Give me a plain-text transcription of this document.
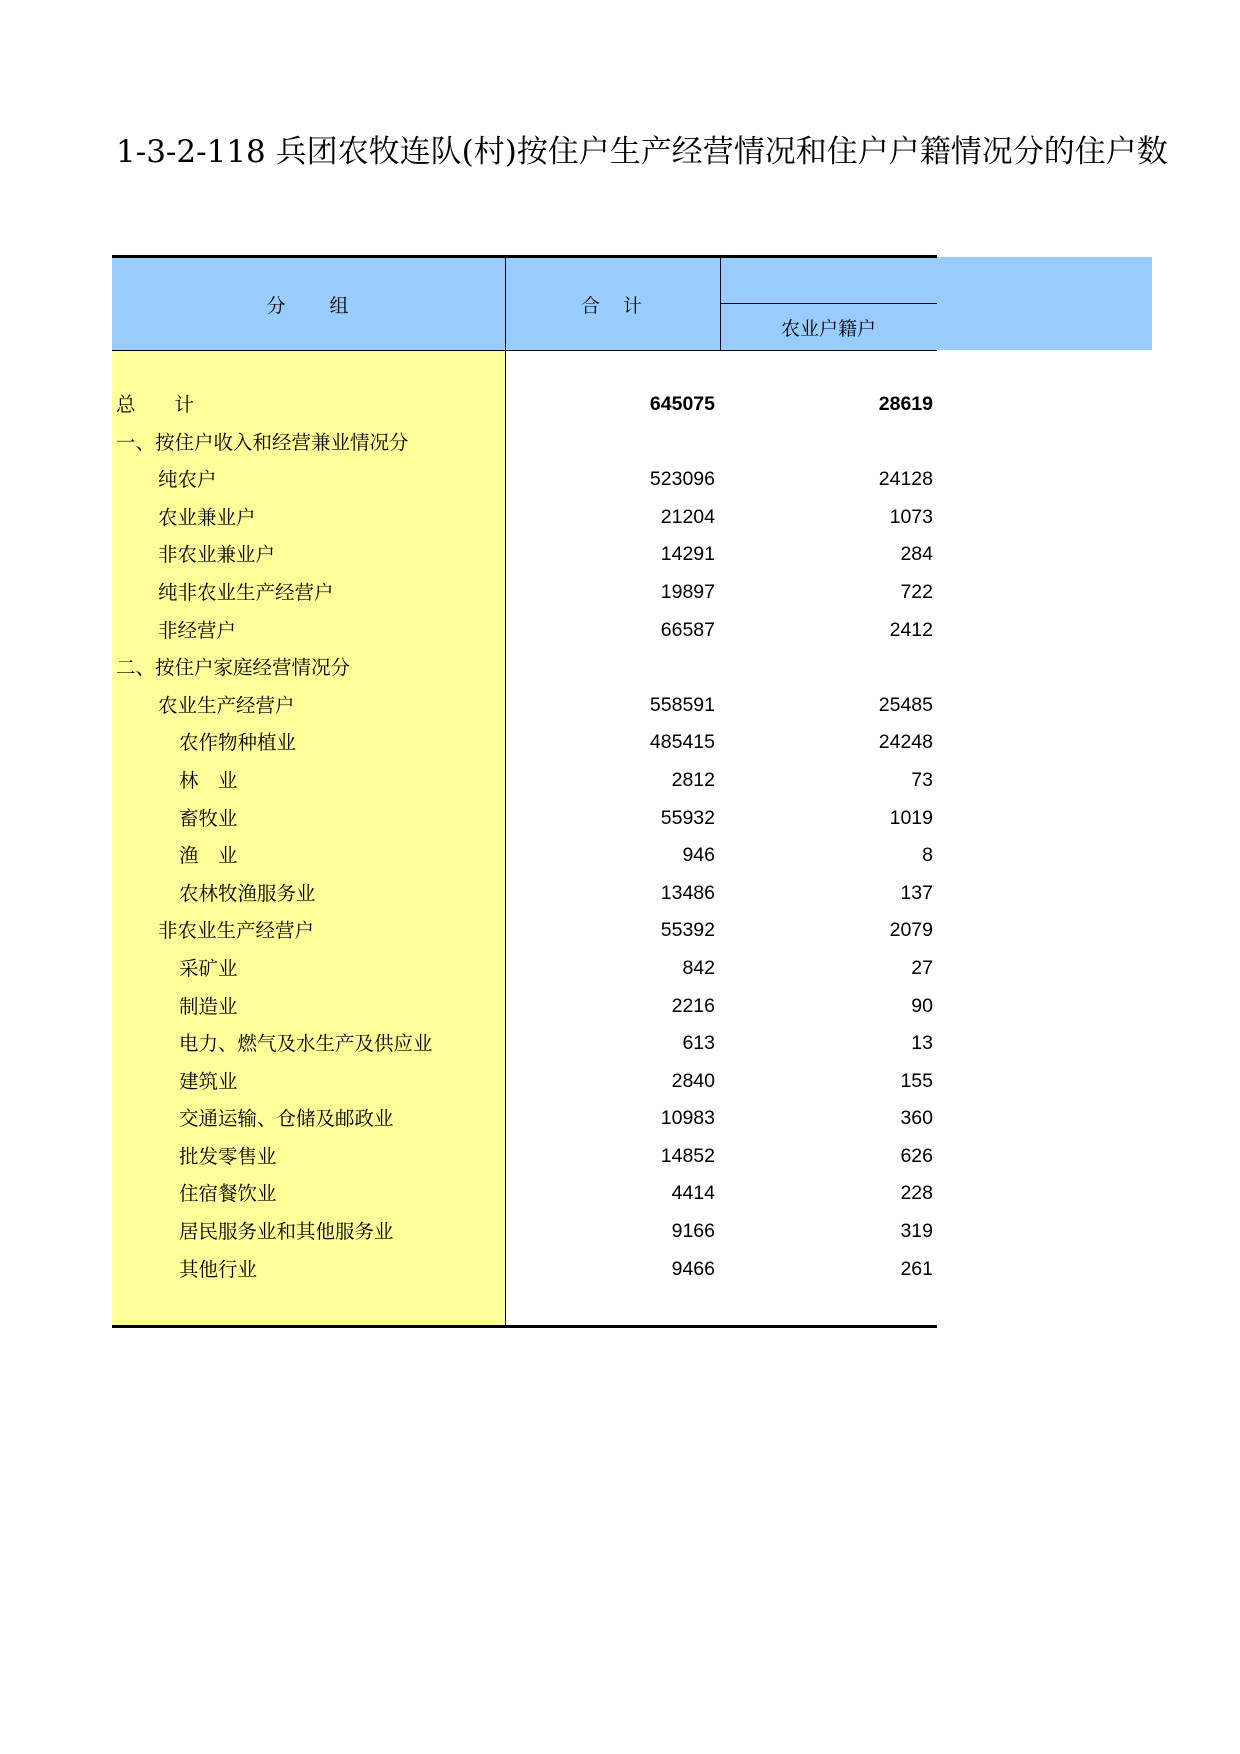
1-3-2-118 兵团农牧连队(村)按住户生产经营情况和住户户籍情况分的住户数
分　　组	合　计
农业户籍户
总　　计	645075	28619
一、按住户收入和经营兼业情况分
纯农户	523096	24128
农业兼业户	21204	1073
非农业兼业户	14291	284
纯非农业生产经营户	19897	722
非经营户	66587	2412
二、按住户家庭经营情况分
农业生产经营户	558591	25485
农作物种植业	485415	24248
林　业	2812	73
畜牧业	55932	1019
渔　业	946	8
农林牧渔服务业	13486	137
非农业生产经营户	55392	2079
采矿业	842	27
制造业	2216	90
电力、燃气及水生产及供应业	613	13
建筑业	2840	155
交通运输、仓储及邮政业	10983	360
批发零售业	14852	626
住宿餐饮业	4414	228
居民服务业和其他服务业	9166	319
其他行业	9466	261
